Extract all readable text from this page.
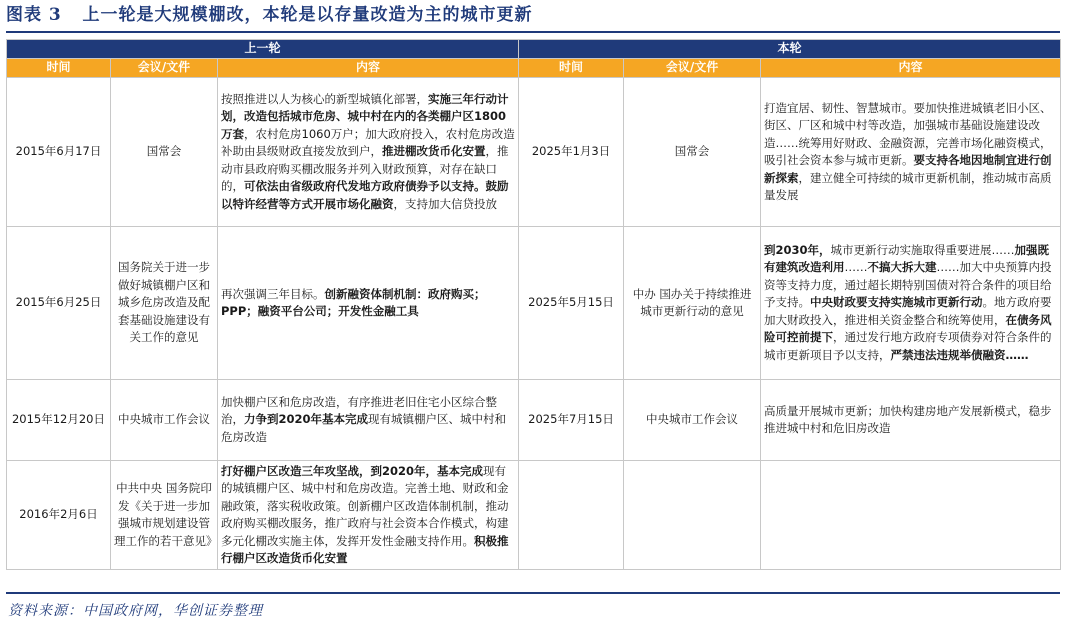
图表 3 上一轮是大规模棚改，本轮是以存量改造为主的城市更新
上一轮			本轮		
时间	会议/文件	内容	时间	会议/文件	内容
2015年6月17日	国常会	按照推进以人为核心的新型城镇化部署，实施三年行动计划，改造包括城市危房、城中村在内的各类棚户区1800万套，农村危房1060万户；加大政府投入，农村危房改造补助由县级财政直接发放到户，推进棚改货币化安置，推动市县政府购买棚改服务并列入财政预算，对存在缺口的，可依法由省级政府代发地方政府债券予以支持。鼓励以特许经营等方式开展市场化融资，支持加大信贷投放	2025年1月3日	国常会	打造宜居、韧性、智慧城市。要加快推进城镇老旧小区、街区、厂区和城中村等改造，加强城市基础设施建设改造……统筹用好财政、金融资源，完善市场化融资模式，吸引社会资本参与城市更新。要支持各地因地制宜进行创新探索，建立健全可持续的城市更新机制，推动城市高质量发展
2015年6月25日	国务院关于进一步做好城镇棚户区和城乡危房改造及配套基础设施建设有关工作的意见	再次强调三年目标。创新融资体制机制：政府购买；PPP；融资平台公司；开发性金融工具	2025年5月15日	中办 国办关于持续推进城市更新行动的意见	到2030年，城市更新行动实施取得重要进展……加强既有建筑改造利用……不搞大拆大建……加大中央预算内投资等支持力度，通过超长期特别国债对符合条件的项目给予支持。中央财政要支持实施城市更新行动。地方政府要加大财政投入，推进相关资金整合和统筹使用，在债务风险可控前提下，通过发行地方政府专项债券对符合条件的城市更新项目予以支持，严禁违法违规举债融资……
2015年12月20日	中央城市工作会议	加快棚户区和危房改造，有序推进老旧住宅小区综合整治，力争到2020年基本完成现有城镇棚户区、城中村和危房改造	2025年7月15日	中央城市工作会议	高质量开展城市更新；加快构建房地产发展新模式，稳步推进城中村和危旧房改造
2016年2月6日	中共中央 国务院印发《关于进一步加强城市规划建设管理工作的若干意见》	打好棚户区改造三年攻坚战，到2020年，基本完成现有的城镇棚户区、城中村和危房改造。完善土地、财政和金融政策，落实税收政策。创新棚户区改造体制机制，推动政府购买棚改服务，推广政府与社会资本合作模式，构建多元化棚改实施主体，发挥开发性金融支持作用。积极推行棚户区改造货币化安置			
资料来源：中国政府网，华创证券整理
